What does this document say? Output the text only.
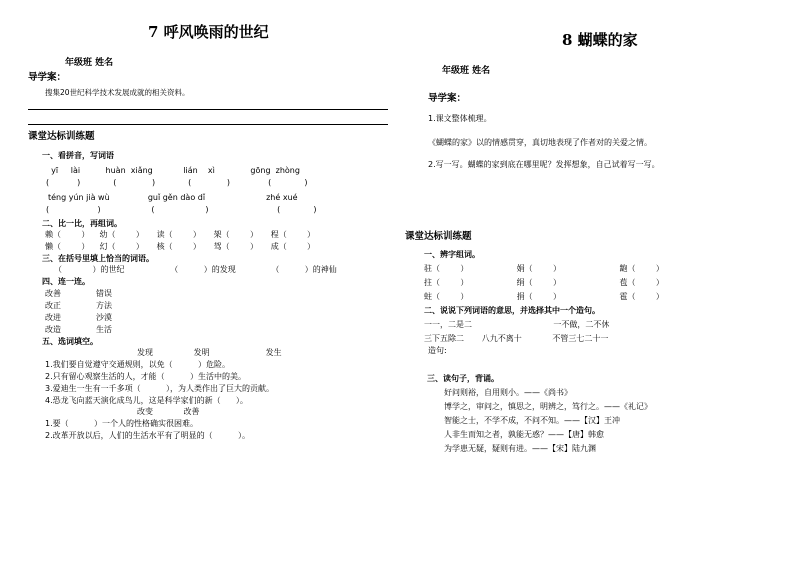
7 呼风唤雨的世纪
年级班 姓名
导学案：
搜集20世纪科学技术发展成就的相关资料。
课堂达标训练题
一、看拼音，写词语
yī     lài          huàn  xiǎng            lián    xì              gōng  zhòng
(           )             (              )             (              )               (             )
téng yún jià wù               guǐ gěn dào dǐ                        zhé xué
(                   )                    (                    )                           (             )
二、比一比，再组词。
赖（        ）    幼（        ）     读（        ）     架（        ）     程（        ）
懒（        ）    幻（        ）     核（        ）     驾（        ）     成（        ）
三、在括号里填上恰当的词语。
（            ）的世纪                  （          ）的发现              （          ）的神仙
四、连一连。
改善
改正
改进
改造
错误
方法
沙漠
生活
五、选词填空。
发现                发明                      发生
1.我们要自觉遵守交通规则，以免（          ）危险。
2.只有留心观察生活的人，才能（          ）生活中的美。
3.爱迪生一生有一千多项（          ），为人类作出了巨大的贡献。
4.恐龙飞向蓝天演化成鸟儿，这是科学家们的新（      ）。
改变            改善
1.要（          ）一个人的性格确实很困难。
2.改革开放以后，人们的生活水平有了明显的（          ）。
8 蝴蝶的家
年级班 姓名
导学案：
1.课文整体梳理。
《蝴蝶的家》以的情感贯穿，真切地表现了作者对的关爱之情。
2.写一写。蝴蝶的家到底在哪里呢？发挥想象，自己试着写一写。
课堂达标训练题
一、辨字组词。
驻（        ）                   娟（        ）                       龅（        ）
拄（        ）                   绢（        ）                       苞（        ）
蛀（        ）                   捐（        ）                       雹（        ）
二、说说下列词语的意思，并选择其中一个造句。
一一，二是二                                一不做，二不休
三下五除二       八九不离十            不管三七二十一
造句:
三、读句子，背诵。
好问则裕，自用则小。——《尚书》
博学之，审问之，慎思之，明辨之，笃行之。——《礼记》
智能之士，不学不成，不问不知。——【汉】王冲
人非生而知之者，孰能无惑？——【唐】韩愈
为学患无疑，疑则有进。——【宋】陆九渊
